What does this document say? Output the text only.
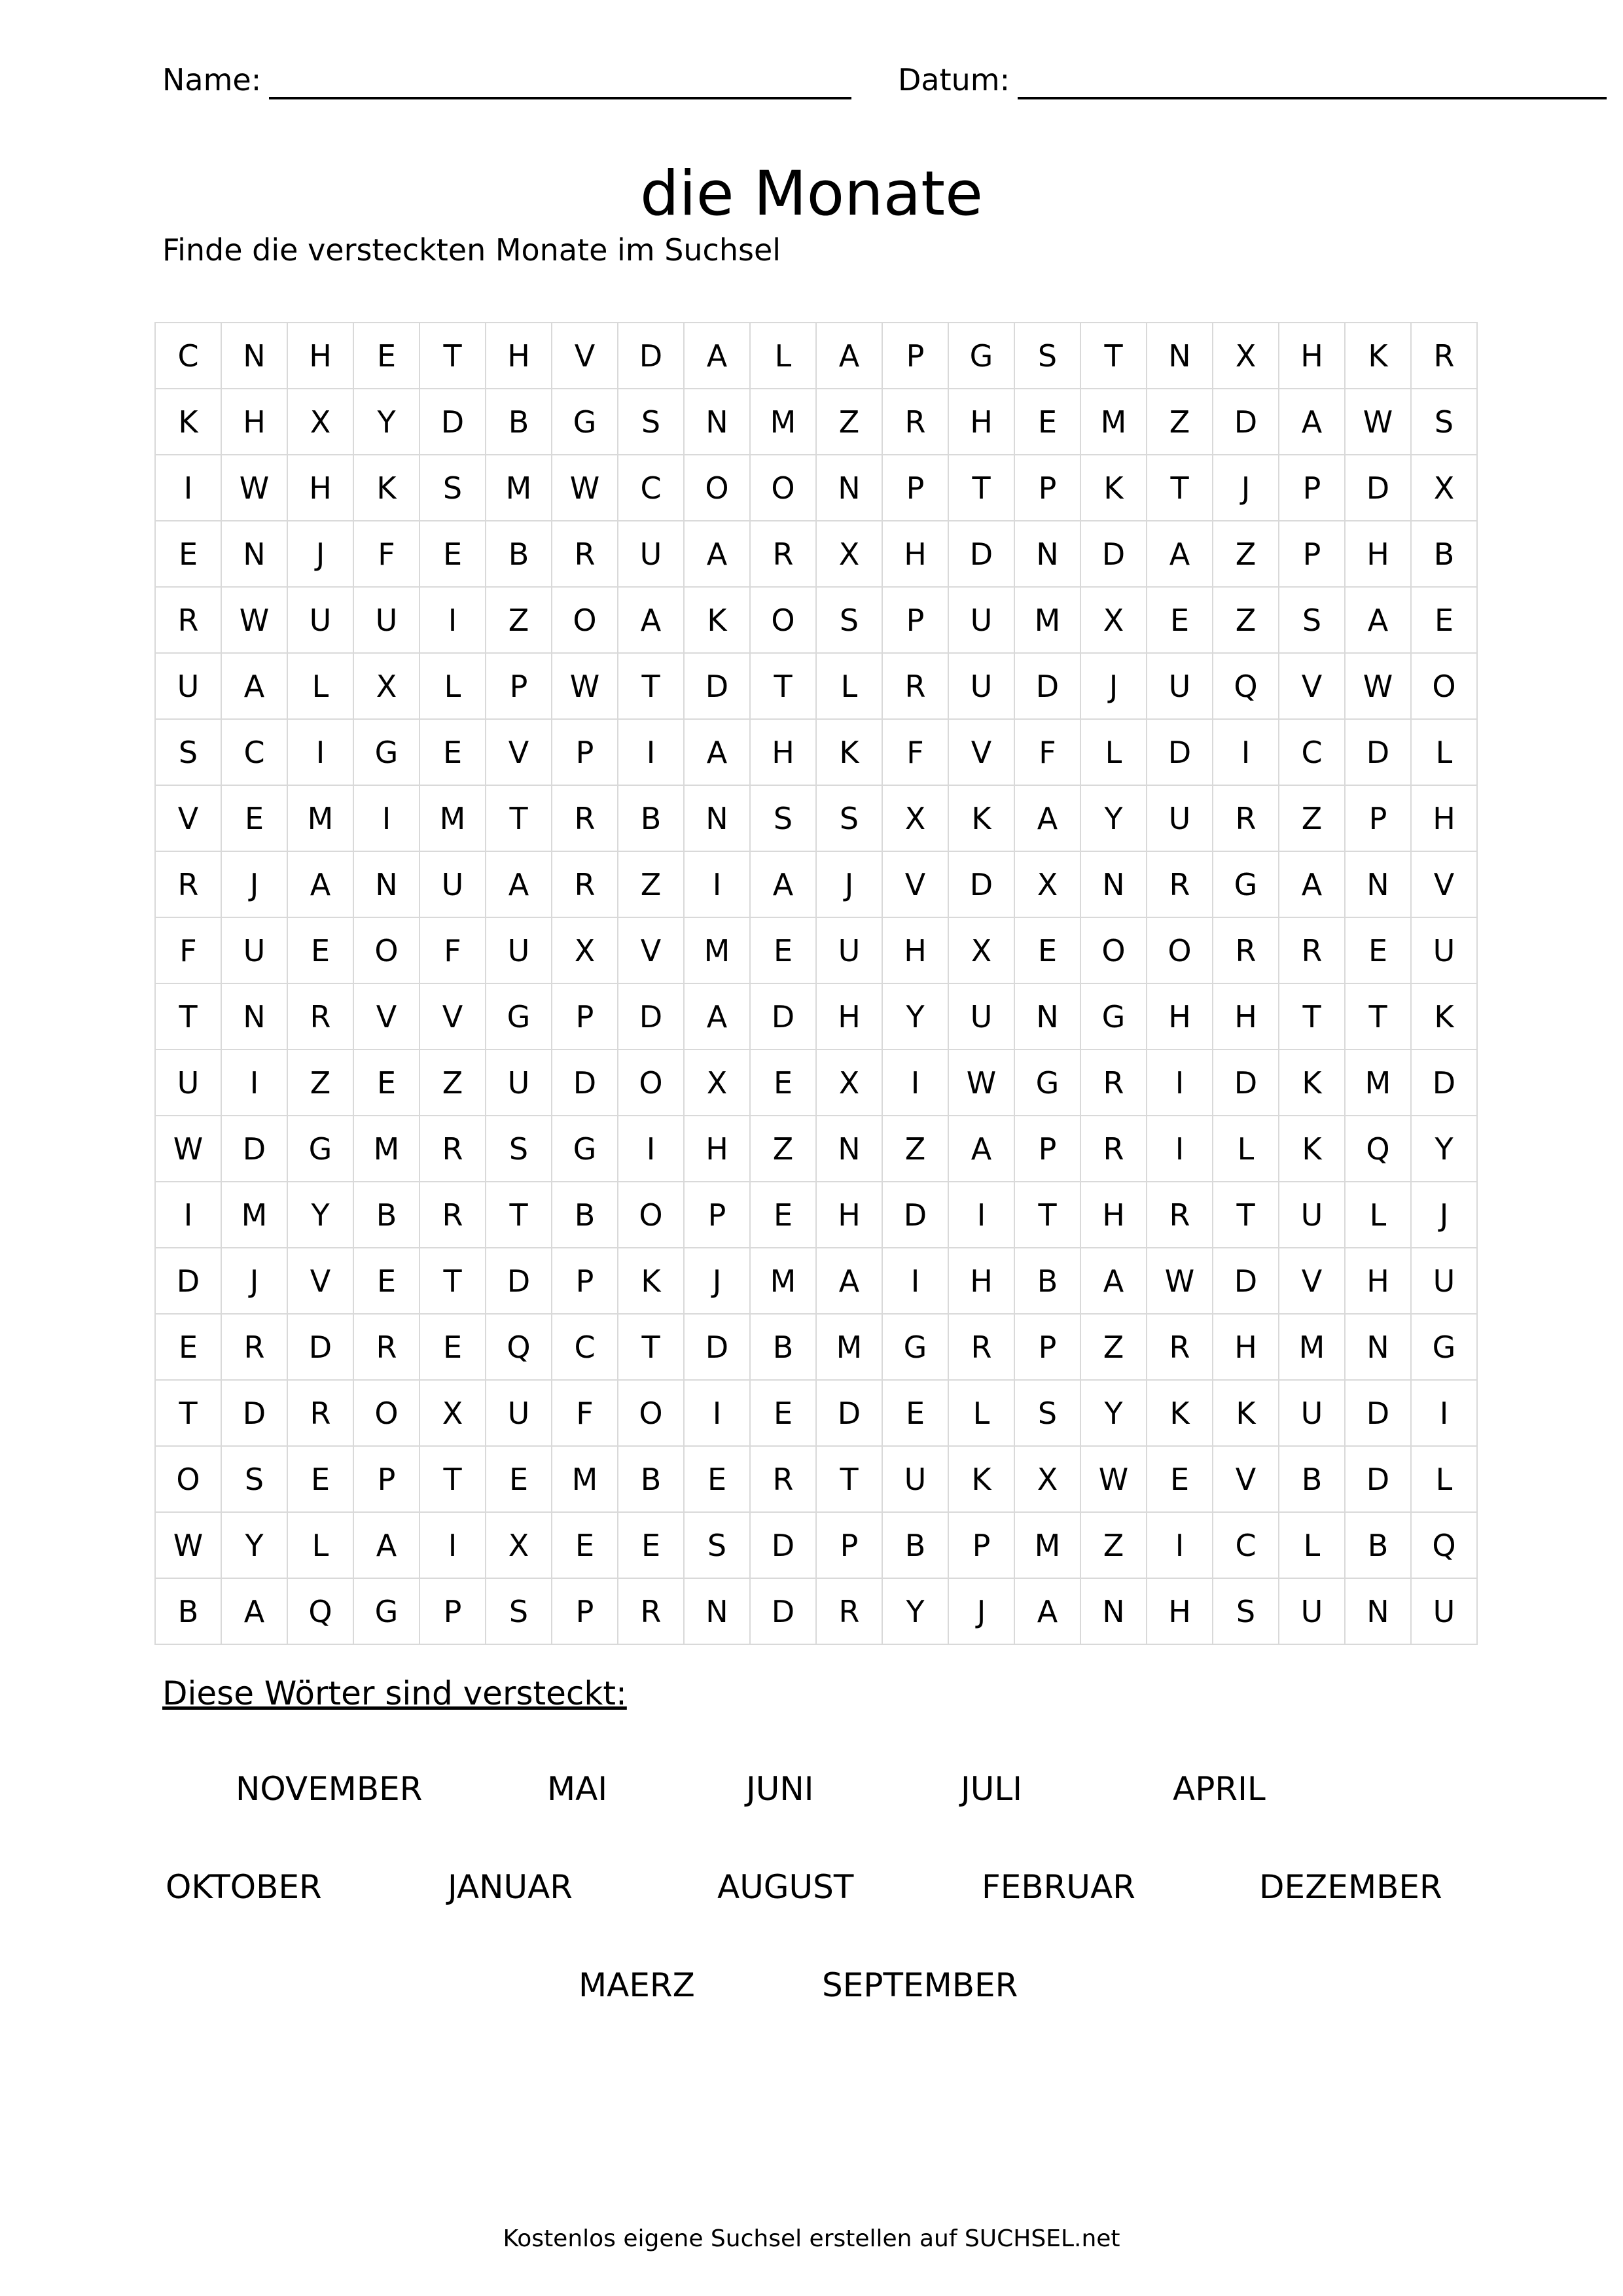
Name:	Datum:
die Monate
Finde die versteckten Monate im Suchsel
C	N	H	E	T	H	V	D	A	L	A	P	G	S	T	N	X	H	K	R
K	H	X	Y	D	B	G	S	N	M	Z	R	H	E	M	Z	D	A	W	S
I	W	H	K	S	M	W	C	O	O	N	P	T	P	K	T	J	P	D	X
E	N	J	F	E	B	R	U	A	R	X	H	D	N	D	A	Z	P	H	B
R	W	U	U	I	Z	O	A	K	O	S	P	U	M	X	E	Z	S	A	E
U	A	L	X	L	P	W	T	D	T	L	R	U	D	J	U	Q	V	W	O
S	C	I	G	E	V	P	I	A	H	K	F	V	F	L	D	I	C	D	L
V	E	M	I	M	T	R	B	N	S	S	X	K	A	Y	U	R	Z	P	H
R	J	A	N	U	A	R	Z	I	A	J	V	D	X	N	R	G	A	N	V
F	U	E	O	F	U	X	V	M	E	U	H	X	E	O	O	R	R	E	U
T	N	R	V	V	G	P	D	A	D	H	Y	U	N	G	H	H	T	T	K
U	I	Z	E	Z	U	D	O	X	E	X	I	W	G	R	I	D	K	M	D
W	D	G	M	R	S	G	I	H	Z	N	Z	A	P	R	I	L	K	Q	Y
I	M	Y	B	R	T	B	O	P	E	H	D	I	T	H	R	T	U	L	J
D	J	V	E	T	D	P	K	J	M	A	I	H	B	A	W	D	V	H	U
E	R	D	R	E	Q	C	T	D	B	M	G	R	P	Z	R	H	M	N	G
T	D	R	O	X	U	F	O	I	E	D	E	L	S	Y	K	K	U	D	I
O	S	E	P	T	E	M	B	E	R	T	U	K	X	W	E	V	B	D	L
W	Y	L	A	I	X	E	E	S	D	P	B	P	M	Z	I	C	L	B	Q
B	A	Q	G	P	S	P	R	N	D	R	Y	J	A	N	H	S	U	N	U
Diese Wörter sind versteckt:
NOVEMBER	MAI	JUNI	JULI	APRIL
OKTOBER	JANUAR	AUGUST	FEBRUAR	DEZEMBER
MAERZ	SEPTEMBER
Kostenlos eigene Suchsel erstellen auf SUCHSEL.net
